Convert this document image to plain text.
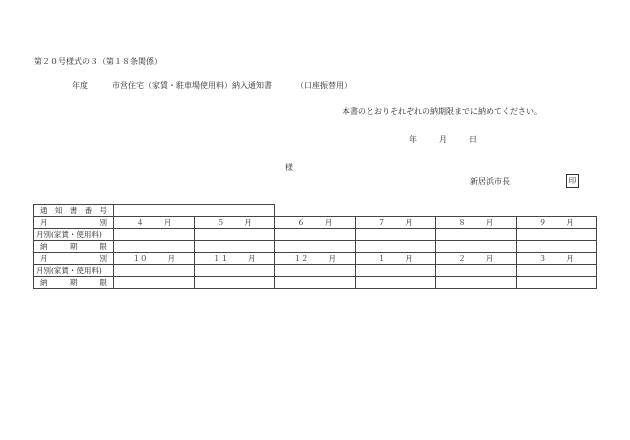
第２０号様式の３（第１８条関係）
年度	市営住宅（家賃・駐車場使用料）納入通知書	（口座振替用）
本書のとおりそれぞれの納期限までに納めてください。
年	月	日
様
新居浜市長	印
通 知 書 番 号						

月 別	４ 月	５ 月	６ 月	７ 月	８ 月	９ 月

月別(家賃・使用料)						

納 期 限						

月 別	１０ 月	１１ 月	１２ 月	１ 月	２ 月	３ 月

月別(家賃・使用料)						

納 期 限						
